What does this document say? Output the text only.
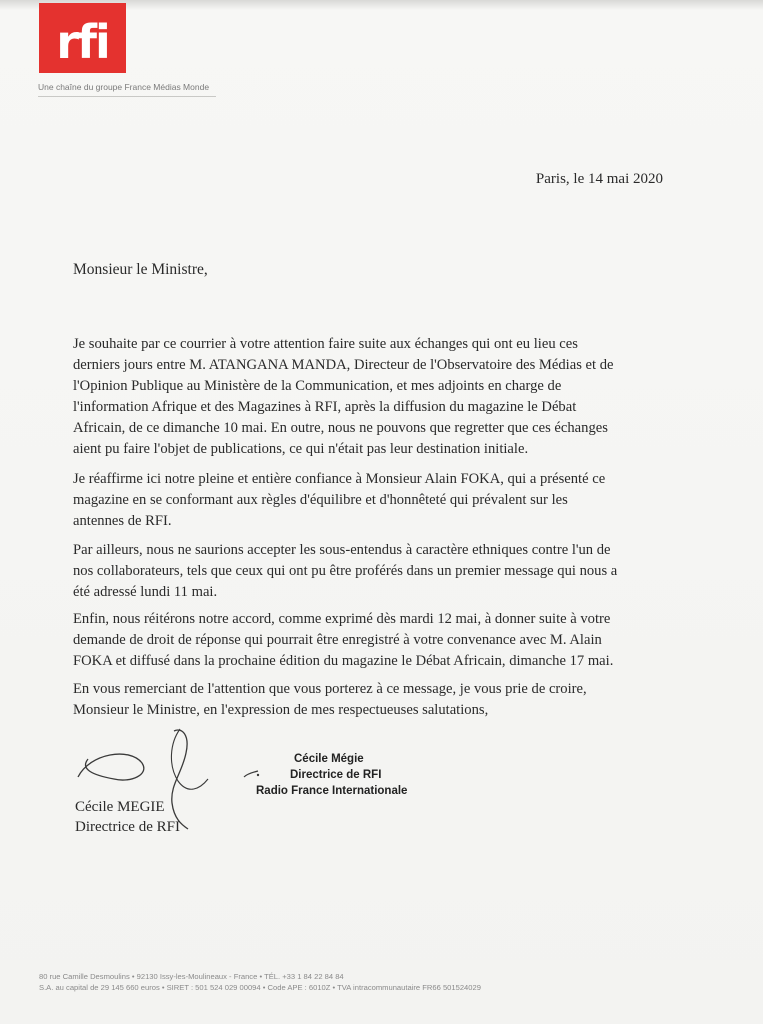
rfi
Une chaîne du groupe France Médias Monde
Paris, le 14 mai 2020
Monsieur le Ministre,

Je souhaite par ce courrier à votre attention faire suite aux échanges qui ont eu lieu ces
derniers jours entre M. ATANGANA MANDA, Directeur de l'Observatoire des Médias et de
l'Opinion Publique au Ministère de la Communication, et mes adjoints en charge de
l'information Afrique et des Magazines à RFI, après la diffusion du magazine le Débat
Africain, de ce dimanche 10 mai. En outre, nous ne pouvons que regretter que ces échanges
aient pu faire l'objet de publications, ce qui n'était pas leur destination initiale.

Je réaffirme ici notre pleine et entière confiance à Monsieur Alain FOKA, qui a présenté ce
magazine en se conformant aux règles d'équilibre et d'honnêteté qui prévalent sur les
antennes de RFI.

Par ailleurs, nous ne saurions accepter les sous-entendus à caractère ethniques contre l'un de
nos collaborateurs, tels que ceux qui ont pu être proférés dans un premier message qui nous a
été adressé lundi 11 mai.

Enfin, nous réitérons notre accord, comme exprimé dès mardi 12 mai, à donner suite à votre
demande de droit de réponse qui pourrait être enregistré à votre convenance avec M. Alain
FOKA et diffusé dans la prochaine édition du magazine le Débat Africain, dimanche 17 mai.

En vous remerciant de l'attention que vous porterez à ce message, je vous prie de croire,
Monsieur le Ministre, en l'expression de mes respectueuses salutations,

Cécile MEGIE
Directrice de RFI
Cécile Mégie
Directrice de RFI
Radio France Internationale
80 rue Camille Desmoulins • 92130 Issy-les-Moulineaux - France • TÉL. +33 1 84 22 84 84
S.A. au capital de 29 145 660 euros • SIRET : 501 524 029 00094 • Code APE : 6010Z • TVA intracommunautaire FR66 501524029
